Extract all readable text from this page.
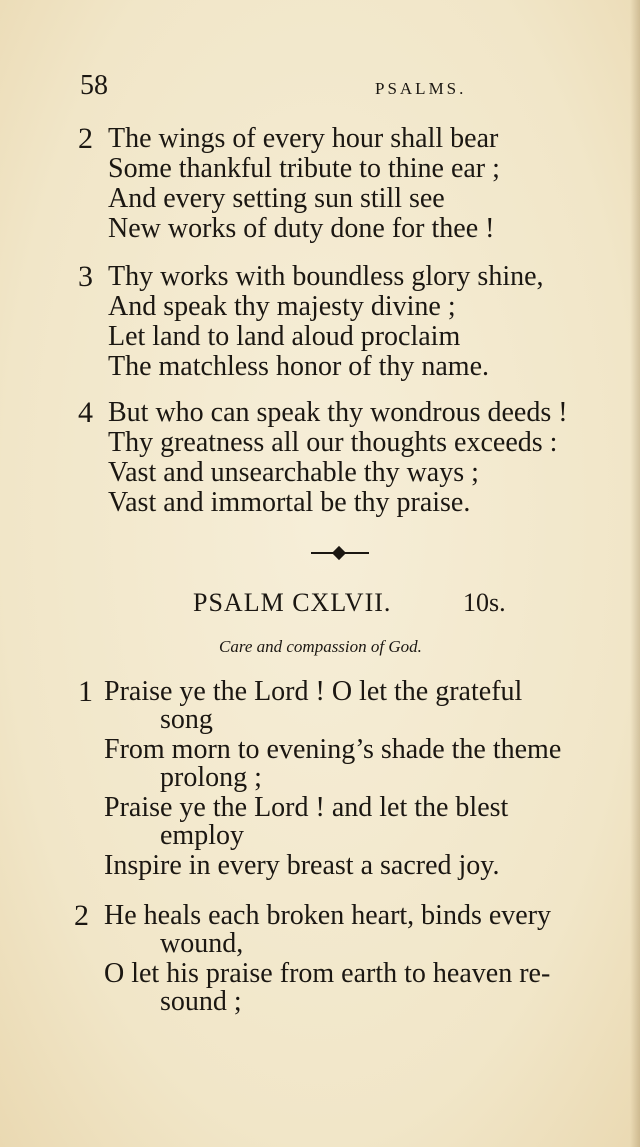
58	PSALMS.
2 The wings of every hour shall bear
Some thankful tribute to thine ear ;
And every setting sun still see
New works of duty done for thee !
3 Thy works with boundless glory shine,
And speak thy majesty divine ;
Let land to land aloud proclaim
The matchless honor of thy name.
4 But who can speak thy wondrous deeds !
Thy greatness all our thoughts exceeds :
Vast and unsearchable thy ways ;
Vast and immortal be thy praise.
PSALM CXLVII.	10s.
Care and compassion of God.
1 Praise ye the Lord ! O let the grateful
song
From morn to evening’s shade the theme
prolong ;
Praise ye the Lord ! and let the blest
employ
Inspire in every breast a sacred joy.
2 He heals each broken heart, binds every
wound,
O let his praise from earth to heaven re-
sound ;
